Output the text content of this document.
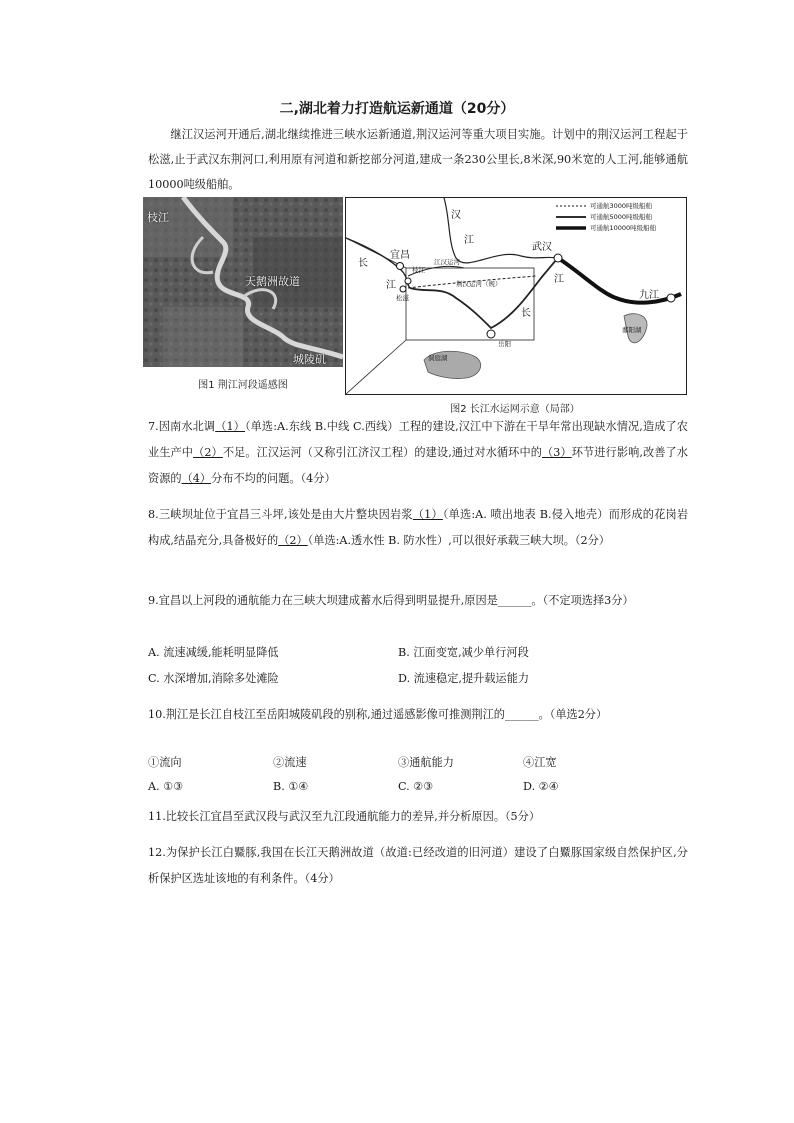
二,湖北着力打造航运新通道（20分）

继江汉运河开通后,湖北继续推进三峡水运新通道,荆汉运河等重大项目实施。计划中的荆汉运河工程起于松滋,止于武汉东荆河口,利用原有河道和新挖部分河道,建成一条230公里长,8米深,90米宽的人工河,能够通航10000吨级船舶。

枝江
天鹅洲故道
城陵矶
图1 荆江河段遥感图
可通航3000吨级船舶
可通航5000吨级船舶
可通航10000吨级船舶
汉
江
武汉
宜昌
枝江
长
江
松滋
江汉运河
荆汉运河（规）
长
江
九江
鄱阳湖
洞庭湖
岳阳
图2 长江水运网示意（局部）

7.因南水北调（1）（单选:A.东线 B.中线 C.西线）工程的建设,汉江中下游在干旱年常出现缺水情况,造成了农业生产中（2）不足。江汉运河（又称引江济汉工程）的建设,通过对水循环中的（3）环节进行影响,改善了水资源的（4）分布不均的问题。（4分）

8.三峡坝址位于宜昌三斗坪,该处是由大片整块因岩浆（1）（单选:A. 喷出地表 B.侵入地壳）而形成的花岗岩构成,结晶充分,具备极好的（2）（单选:A.透水性 B. 防水性）,可以很好承载三峡大坝。（2分）

9.宜昌以上河段的通航能力在三峡大坝建成蓄水后得到明显提升,原因是______。（不定项选择3分）

A. 流速减缓,能耗明显降低	B. 江面变宽,减少单行河段
C. 水深增加,消除多处滩险	D. 流速稳定,提升载运能力

10.荆江是长江自枝江至岳阳城陵矶段的别称,通过遥感影像可推测荆江的______。（单选2分）

①流向	②流速	③通航能力	④江宽
A. ①③	B. ①④	C. ②③	D. ②④

11.比较长江宜昌至武汉段与武汉至九江段通航能力的差异,并分析原因。（5分）

12.为保护长江白鱀豚,我国在长江天鹅洲故道（故道:已经改道的旧河道）建设了白鱀豚国家级自然保护区,分析保护区选址该地的有利条件。（4分）
